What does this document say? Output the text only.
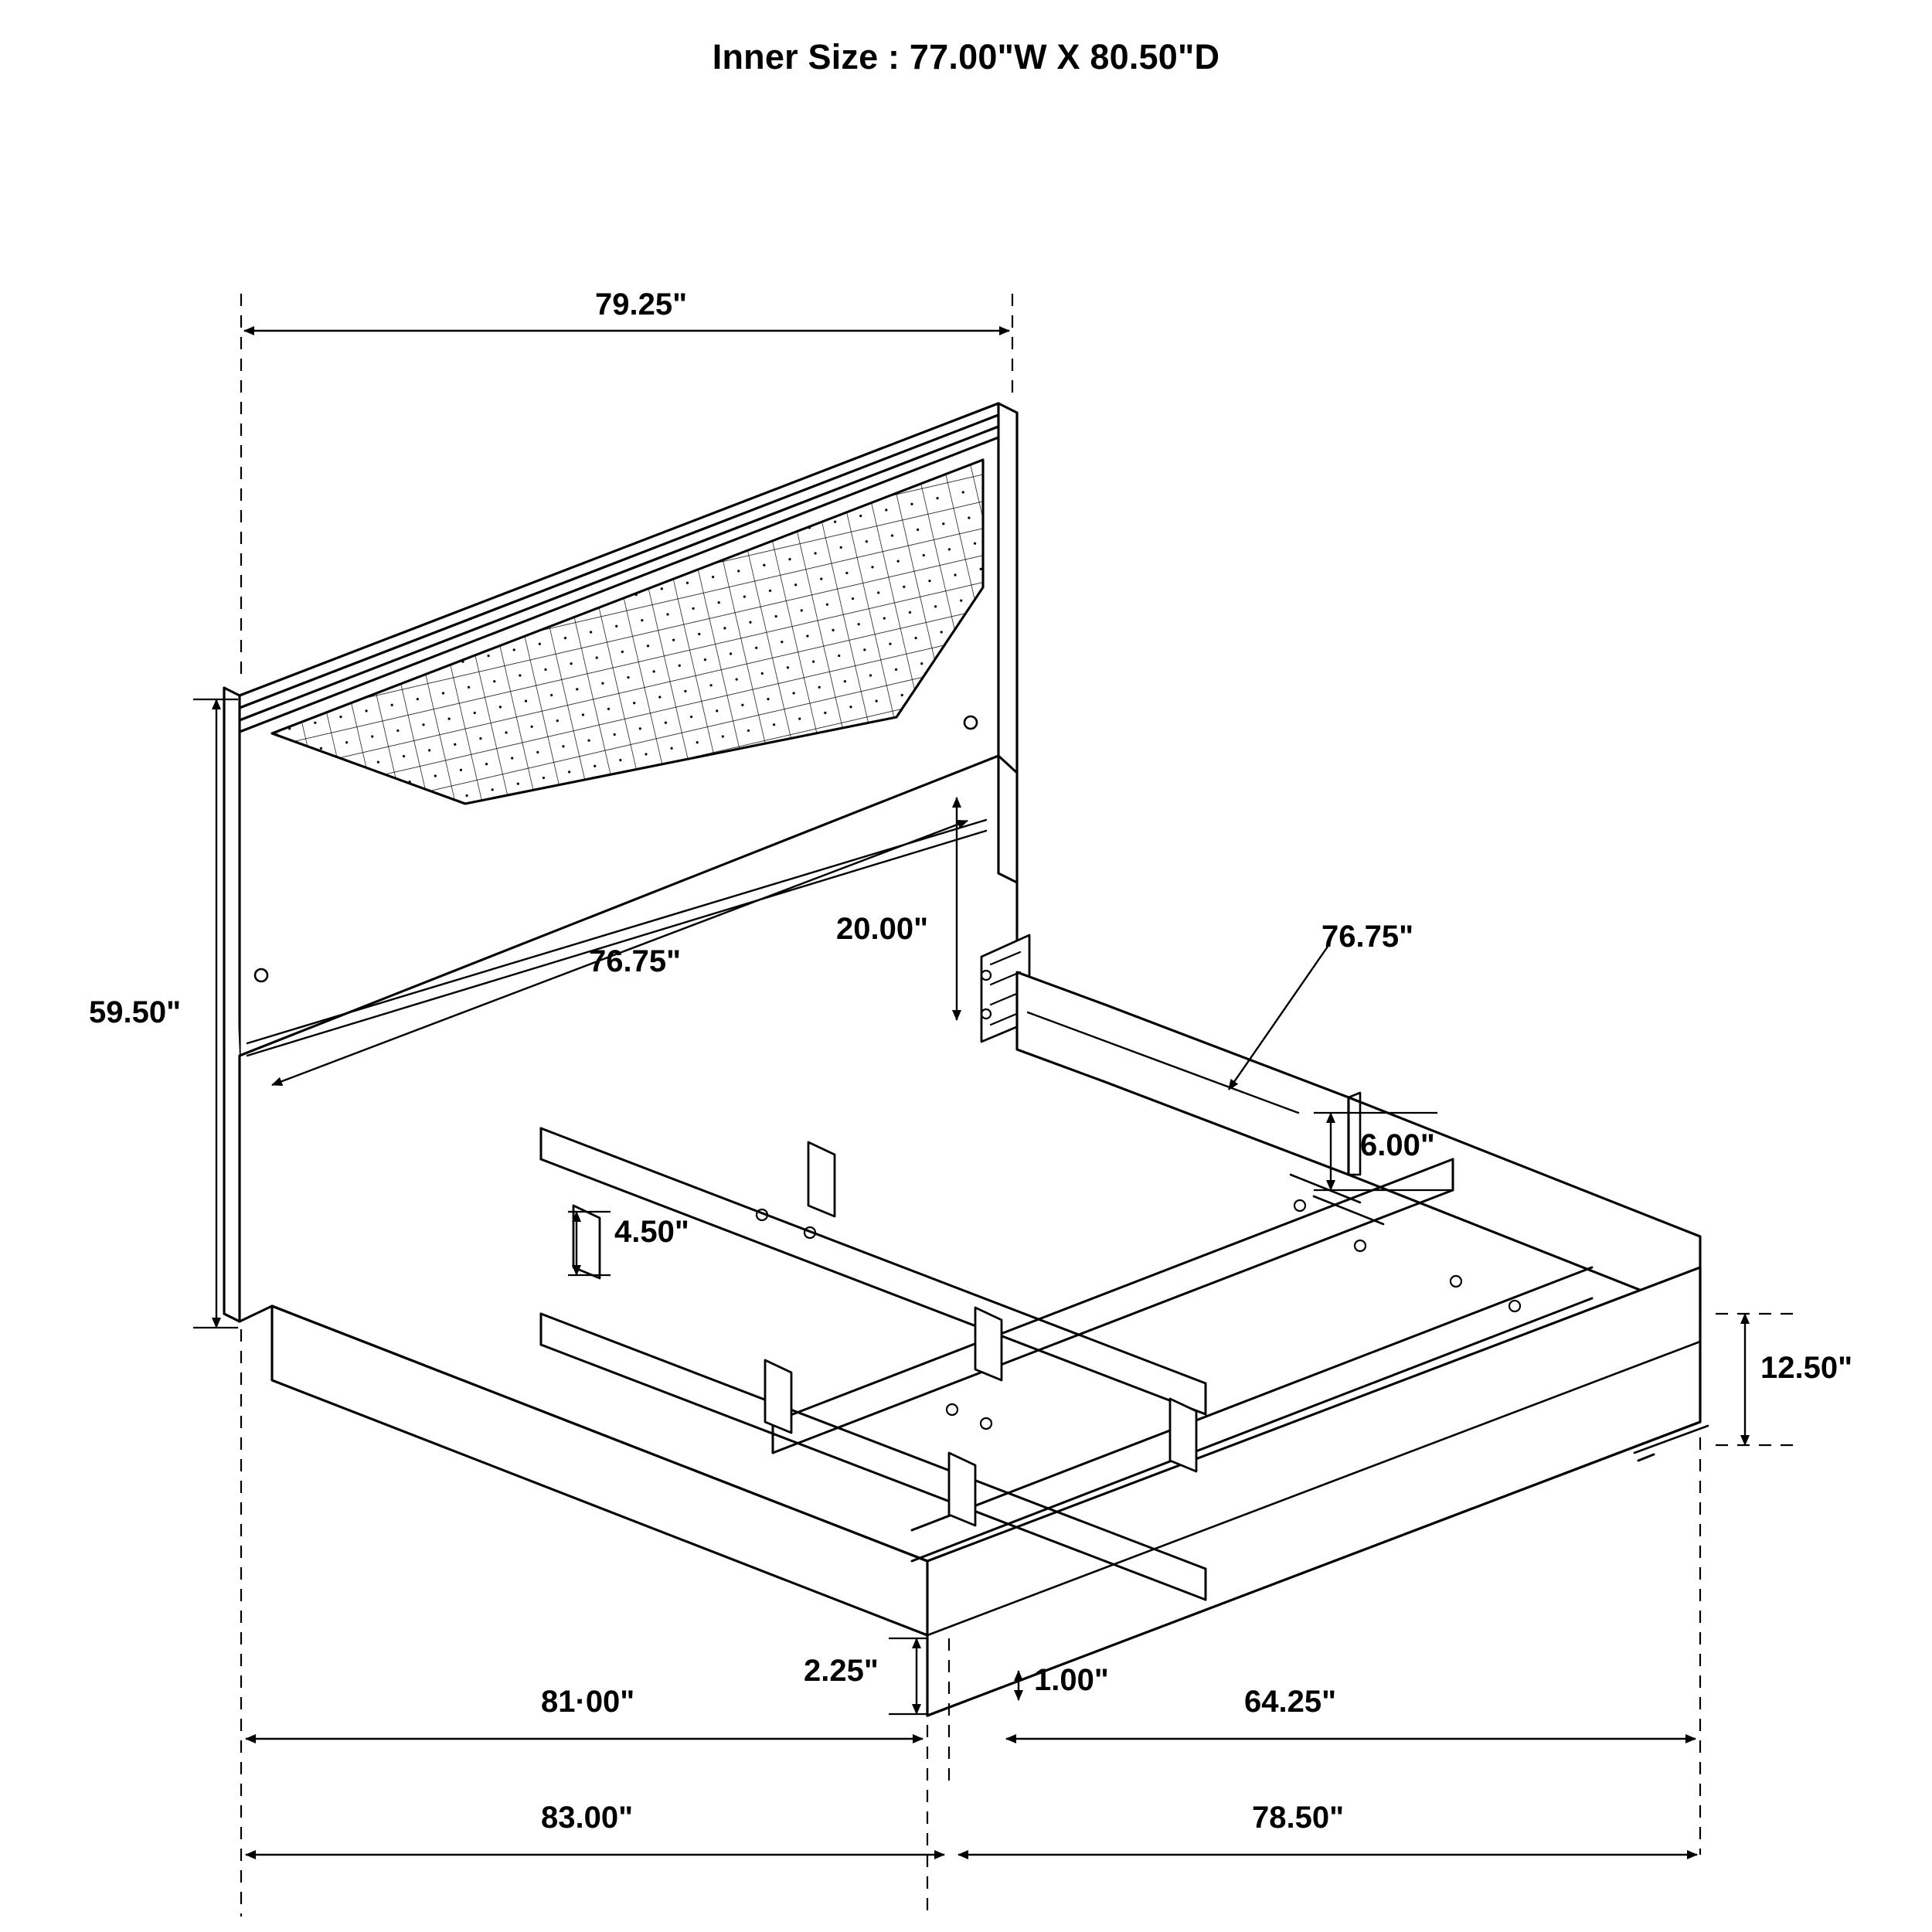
Inner Size : 77.00"W X 80.50"D
79.25"
59.50"
76.75"
20.00"	76.75"
6.00"
4.50"
12.50"
2.25"	1.00"
81·00"	64.25"
83.00"	78.50"
